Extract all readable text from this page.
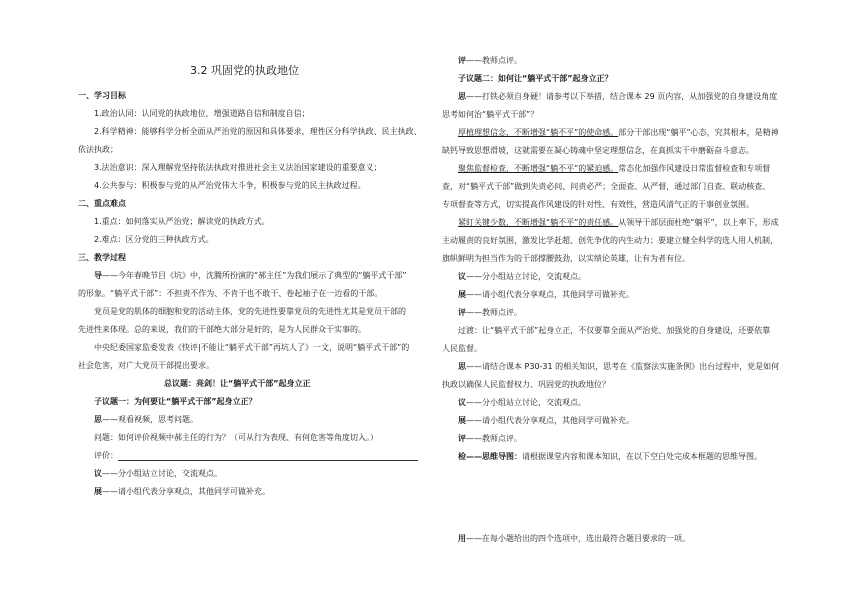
3.2 巩固党的执政地位
一、学习目标
1.政治认同：认同党的执政地位，增强道路自信和制度自信；
2.科学精神：能够科学分析全面从严治党的原因和具体要求，理性区分科学执政、民主执政、
依法执政；
3.法治意识：深入理解党坚持依法执政对推进社会主义法治国家建设的重要意义；
4.公共参与：积极参与党的从严治党伟大斗争，积极参与党的民主执政过程。
二、重点难点
1.重点：如何落实从严治党；解读党的执政方式。
2.难点：区分党的三种执政方式。
三、教学过程
导——今年春晚节目《坑》中，沈腾所扮演的“郝主任”为我们展示了典型的“躺平式干部”
的形象。“躺平式干部”：不担责不作为、不肯干也不敢干、卷起袖子在一边看的干部。
党员是党的肌体的细胞和党的活动主体，党的先进性要靠党员的先进性尤其是党员干部的
先进性来体现。总的来说，我们的干部绝大部分是好的，是为人民群众干实事的。
中央纪委国家监委发表《快评|不能让“躺平式干部”再坑人了》一文，说明“躺平式干部”的
社会危害，对广大党员干部提出要求。
总议题：亮剑！让“躺平式干部”起身立正
子议题一：为何要让“躺平式干部”起身立正？
思——观看视频，思考问题。
问题：如何评价视频中郝主任的行为？（可从行为表现、有何危害等角度切入。）
评价：
议——分小组站立讨论，交流观点。
展——请小组代表分享观点，其他同学可做补充。
评——教师点评。
子议题二：如何让“躺平式干部”起身立正？
思——打铁必须自身硬！请参考以下举措，结合课本 29 页内容，从加强党的自身建设角度
思考如何治“躺平式干部”？
厚植理想信念，不断增强“躺不平”的使命感。部分干部出现“躺平”心态，究其根本，是精神
缺钙导致思想滑坡，这就需要在凝心铸魂中坚定理想信念，在真抓实干中磨砺奋斗意志。
聚焦监督检查，不断增强“躺不平”的紧迫感。常态化加强作风建设日常监督检查和专项督
查，对“躺平式干部”做到失责必问、问责必严；全面查、从严督，通过部门自查、联动核查、
专项督查等方式，切实提高作风建设的针对性、有效性，营造风清气正的干事创业氛围。
紧盯关键少数，不断增强“躺不平”的责任感。从领导干部层面杜绝“躺平”，以上率下，形成
主动履责的良好氛围，激发比学赶超、创先争优的内生动力；要建立健全科学的选人用人机制，
旗帜鲜明为担当作为的干部撑腰鼓劲，以实绩论英雄，让有为者有位。
议——分小组站立讨论，交流观点。
展——请小组代表分享观点，其他同学可做补充。
评——教师点评。
过渡：让“躺平式干部”起身立正，不仅要靠全面从严治党、加强党的自身建设，还要依靠
人民监督。
思——请结合课本 P30-31 的相关知识，思考在《监察法实施条例》出台过程中，党是如何
执政以确保人民监督权力、巩固党的执政地位？
议——分小组站立讨论，交流观点。
展——请小组代表分享观点，其他同学可做补充。
评——教师点评。
检——思维导图：请根据课堂内容和课本知识，在以下空白处完成本框题的思维导图。
用——在每小题给出的四个选项中，选出最符合题目要求的一项。
